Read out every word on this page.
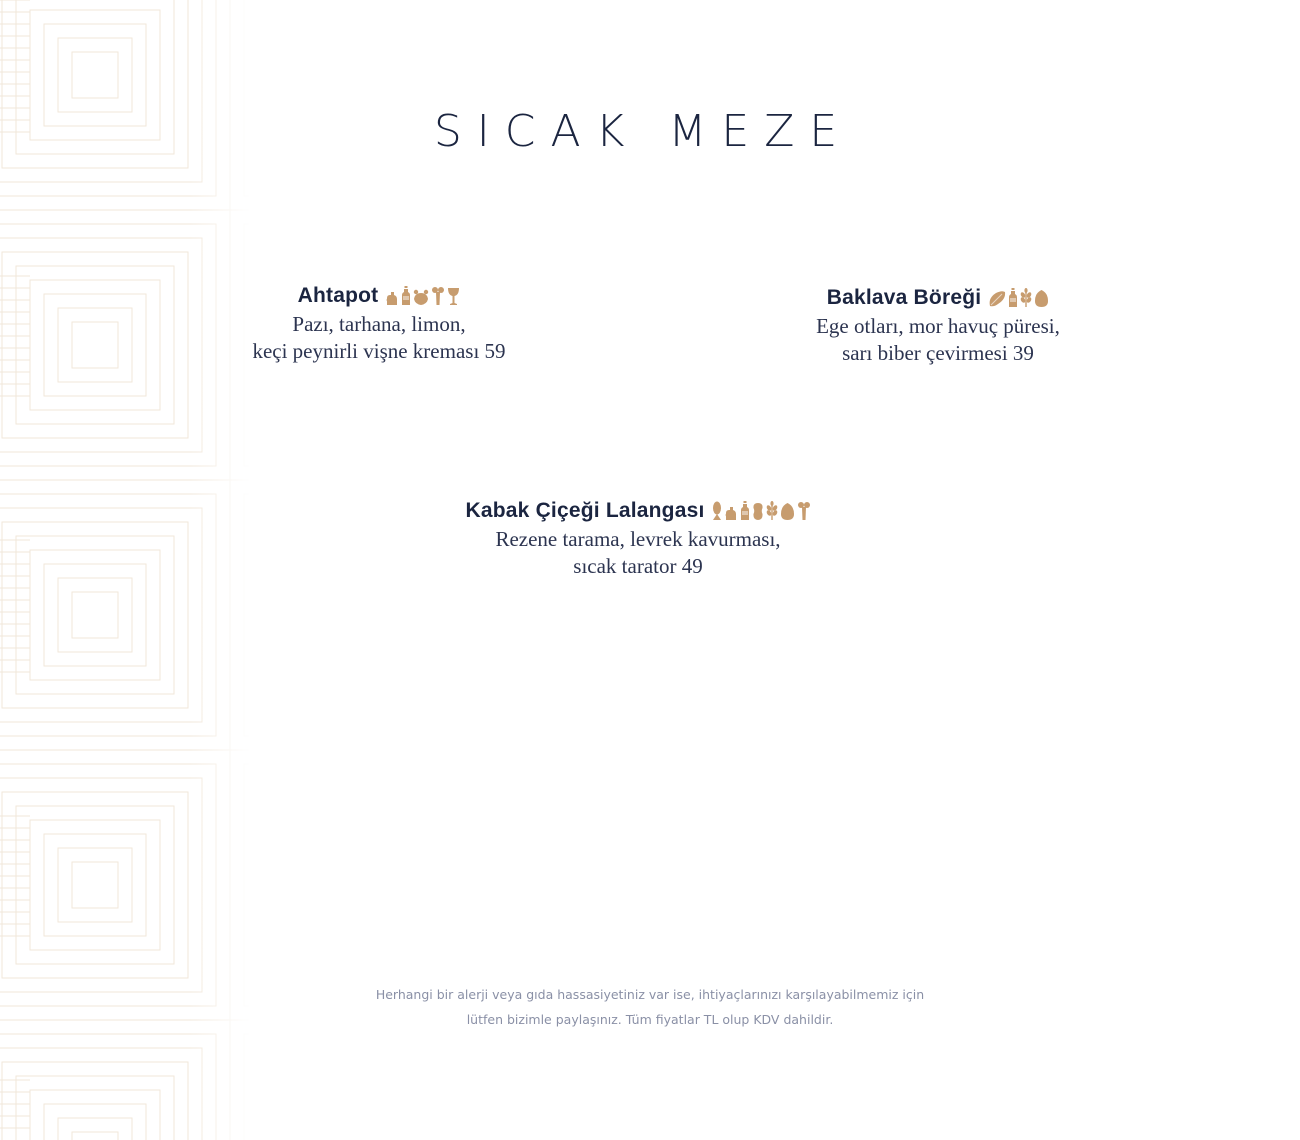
SICAK MEZE
Ahtapot
Pazı, tarhana, limon,
keçi peynirli vişne kreması 59
Baklava Böreği
Ege otları, mor havuç püresi,
sarı biber çevirmesi 39
Kabak Çiçeği Lalangası
Rezene tarama, levrek kavurması,
sıcak tarator 49
Herhangi bir alerji veya gıda hassasiyetiniz var ise, ihtiyaçlarınızı karşılayabilmemiz için
lütfen bizimle paylaşınız. Tüm fiyatlar TL olup KDV dahildir.
